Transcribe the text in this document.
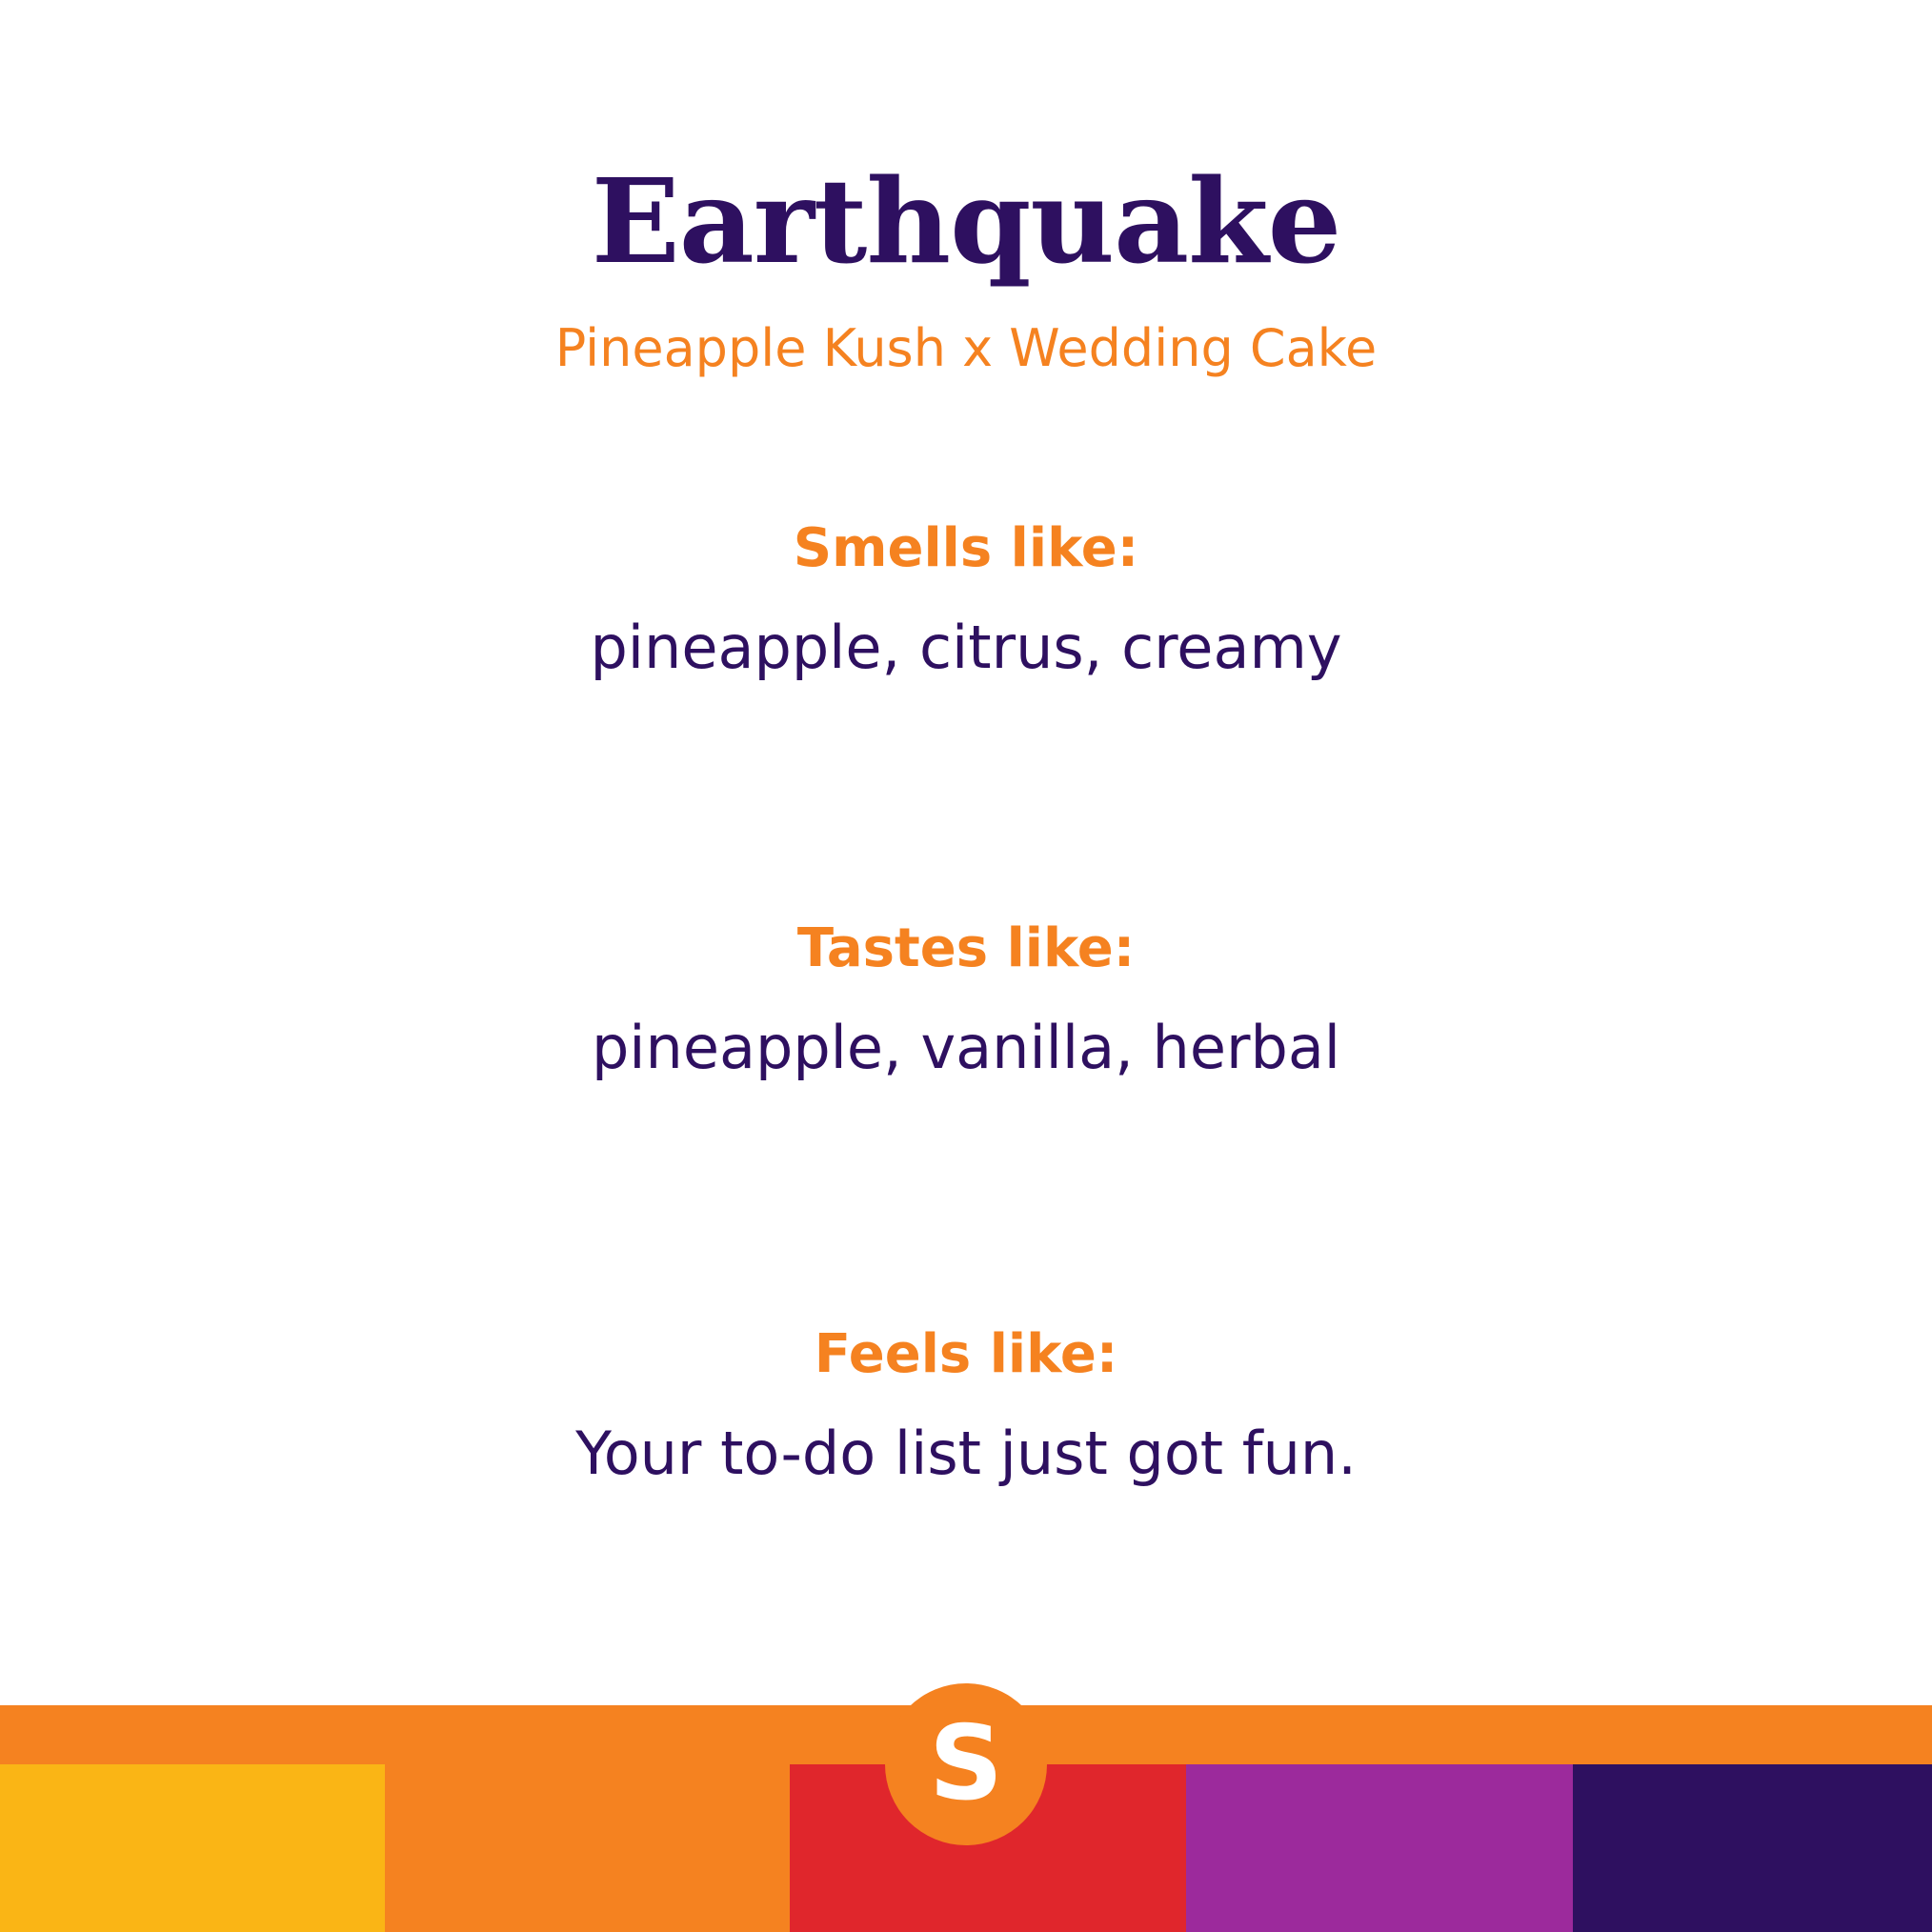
Earthquake

Pineapple Kush x Wedding Cake

Smells like:

pineapple, citrus, creamy

Tastes like:

pineapple, vanilla, herbal

Feels like:

Your to-do list just got fun.

S
